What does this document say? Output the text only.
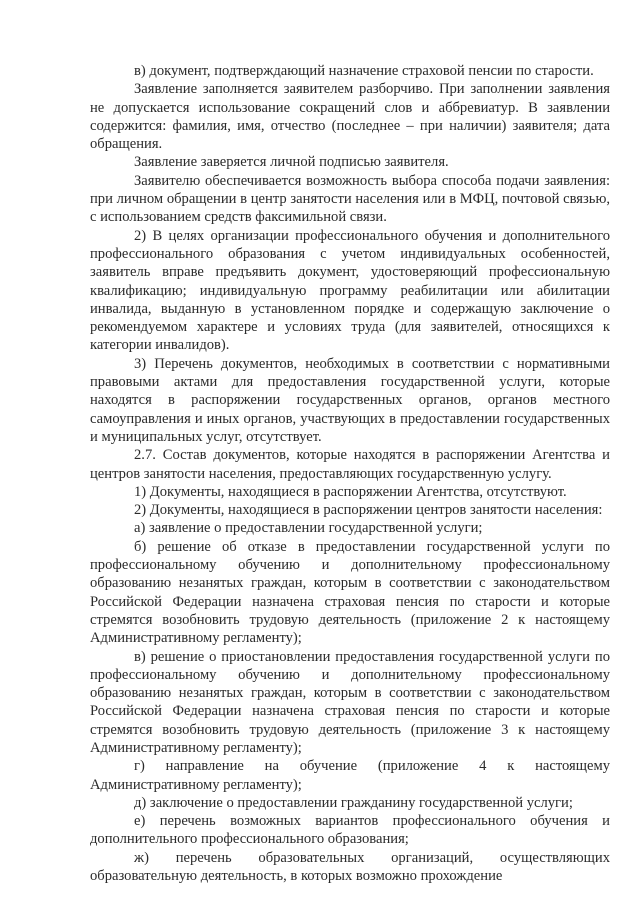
в) документ, подтверждающий назначение страховой пенсии по старости.

Заявление заполняется заявителем разборчиво. При заполнении заявления не допускается использование сокращений слов и аббревиатур. В заявлении содержится: фамилия, имя, отчество (последнее – при наличии) заявителя; дата обращения.

Заявление заверяется личной подписью заявителя.

Заявителю обеспечивается возможность выбора способа подачи заявления: при личном обращении в центр занятости населения или в МФЦ, почтовой связью, с использованием средств факсимильной связи.

2) В целях организации профессионального обучения и дополнительного профессионального образования с учетом индивидуальных особенностей, заявитель вправе предъявить документ, удостоверяющий профессиональную квалификацию; индивидуальную программу реабилитации или абилитации инвалида, выданную в установленном порядке и содержащую заключение о рекомендуемом характере и условиях труда (для заявителей, относящихся к категории инвалидов).

3) Перечень документов, необходимых в соответствии с нормативными правовыми актами для предоставления государственной услуги, которые находятся в распоряжении государственных органов, органов местного самоуправления и иных органов, участвующих в предоставлении государственных и муниципальных услуг, отсутствует.

2.7. Состав документов, которые находятся в распоряжении Агентства и центров занятости населения, предоставляющих государственную услугу.

1) Документы, находящиеся в распоряжении Агентства, отсутствуют.

2) Документы, находящиеся в распоряжении центров занятости населения:

а) заявление о предоставлении государственной услуги;

б) решение об отказе в предоставлении государственной услуги по профессиональному обучению и дополнительному профессиональному образованию незанятых граждан, которым в соответствии с законодательством Российской Федерации назначена страховая пенсия по старости и которые стремятся возобновить трудовую деятельность (приложение 2 к настоящему Административному регламенту);

в) решение о приостановлении предоставления государственной услуги по профессиональному обучению и дополнительному профессиональному образованию незанятых граждан, которым в соответствии с законодательством Российской Федерации назначена страховая пенсия по старости и которые стремятся возобновить трудовую деятельность (приложение 3 к настоящему Административному регламенту);

г) направление на обучение (приложение 4 к настоящему Административному регламенту);

д) заключение о предоставлении гражданину государственной услуги;

е) перечень возможных вариантов профессионального обучения и дополнительного профессионального образования;

ж) перечень образовательных организаций, осуществляющих образовательную деятельность, в которых возможно прохождение
